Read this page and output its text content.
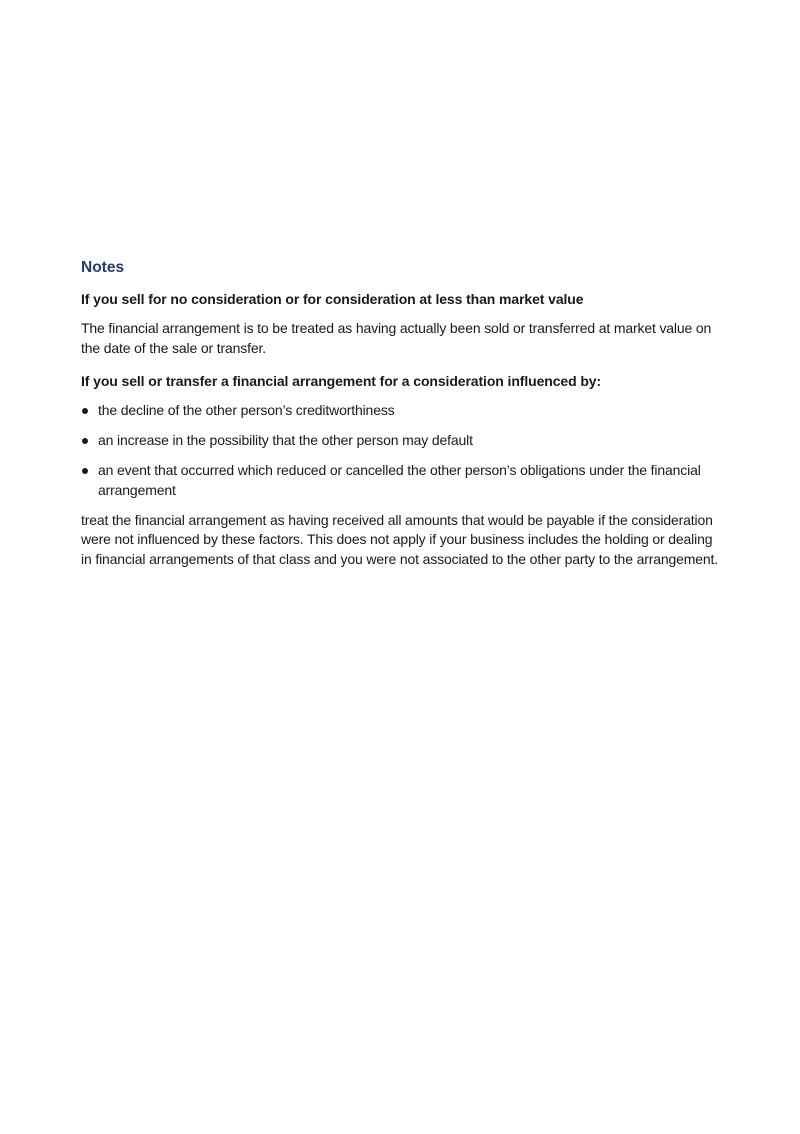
Notes

If you sell for no consideration or for consideration at less than market value

The financial arrangement is to be treated as having actually been sold or transferred at market value on the date of the sale or transfer.

If you sell or transfer a financial arrangement for a consideration influenced by:

the decline of the other person’s creditworthiness
an increase in the possibility that the other person may default
an event that occurred which reduced or cancelled the other person’s obligations under the financial arrangement

treat the financial arrangement as having received all amounts that would be payable if the consideration were not influenced by these factors. This does not apply if your business includes the holding or dealing in financial arrangements of that class and you were not associated to the other party to the arrangement.
